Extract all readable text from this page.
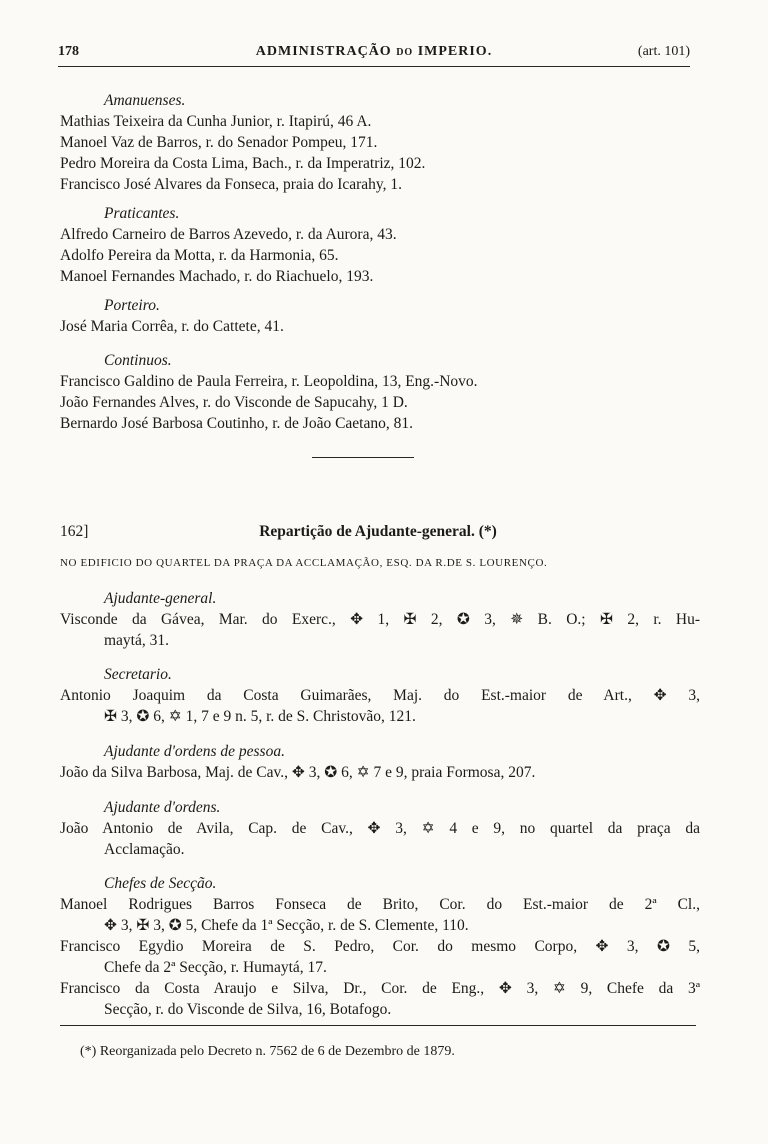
178	ADMINISTRAÇÃO do IMPERIO.	(art. 101)
Amanuenses.
Mathias Teixeira da Cunha Junior, r. Itapirú, 46 A.
Manoel Vaz de Barros, r. do Senador Pompeu, 171.
Pedro Moreira da Costa Lima, Bach., r. da Imperatriz, 102.
Francisco José Alvares da Fonseca, praia do Icarahy, 1.
Praticantes.
Alfredo Carneiro de Barros Azevedo, r. da Aurora, 43.
Adolfo Pereira da Motta, r. da Harmonia, 65.
Manoel Fernandes Machado, r. do Riachuelo, 193.
Porteiro.
José Maria Corrêa, r. do Cattete, 41.
Continuos.
Francisco Galdino de Paula Ferreira, r. Leopoldina, 13, Eng.-Novo.
João Fernandes Alves, r. do Visconde de Sapucahy, 1 D.
Bernardo José Barbosa Coutinho, r. de João Caetano, 81.
162]	Repartição de Ajudante-general. (*)
NO EDIFICIO DO QUARTEL DA PRAÇA DA ACCLAMAÇÃO, ESQ. DA R.DE S. LOURENÇO.
Ajudante-general.
Visconde da Gávea, Mar. do Exerc., ✥ 1, ✠ 2, ✪ 3, ✵ B. O.; ✠ 2, r. Hu-
maytá, 31.
Secretario.
Antonio Joaquim da Costa Guimarães, Maj. do Est.-maior de Art., ✥ 3,
✠ 3, ✪ 6, ✡ 1, 7 e 9 n. 5, r. de S. Christovão, 121.
Ajudante d'ordens de pessoa.
João da Silva Barbosa, Maj. de Cav., ✥ 3, ✪ 6, ✡ 7 e 9, praia Formosa, 207.
Ajudante d'ordens.
João Antonio de Avila, Cap. de Cav., ✥ 3, ✡ 4 e 9, no quartel da praça da
Acclamação.
Chefes de Secção.
Manoel Rodrigues Barros Fonseca de Brito, Cor. do Est.-maior de 2ª Cl.,
✥ 3, ✠ 3, ✪ 5, Chefe da 1ª Secção, r. de S. Clemente, 110.
Francisco Egydio Moreira de S. Pedro, Cor. do mesmo Corpo, ✥ 3, ✪ 5,
Chefe da 2ª Secção, r. Humaytá, 17.
Francisco da Costa Araujo e Silva, Dr., Cor. de Eng., ✥ 3, ✡ 9, Chefe da 3ª
Secção, r. do Visconde de Silva, 16, Botafogo.
(*) Reorganizada pelo Decreto n. 7562 de 6 de Dezembro de 1879.
